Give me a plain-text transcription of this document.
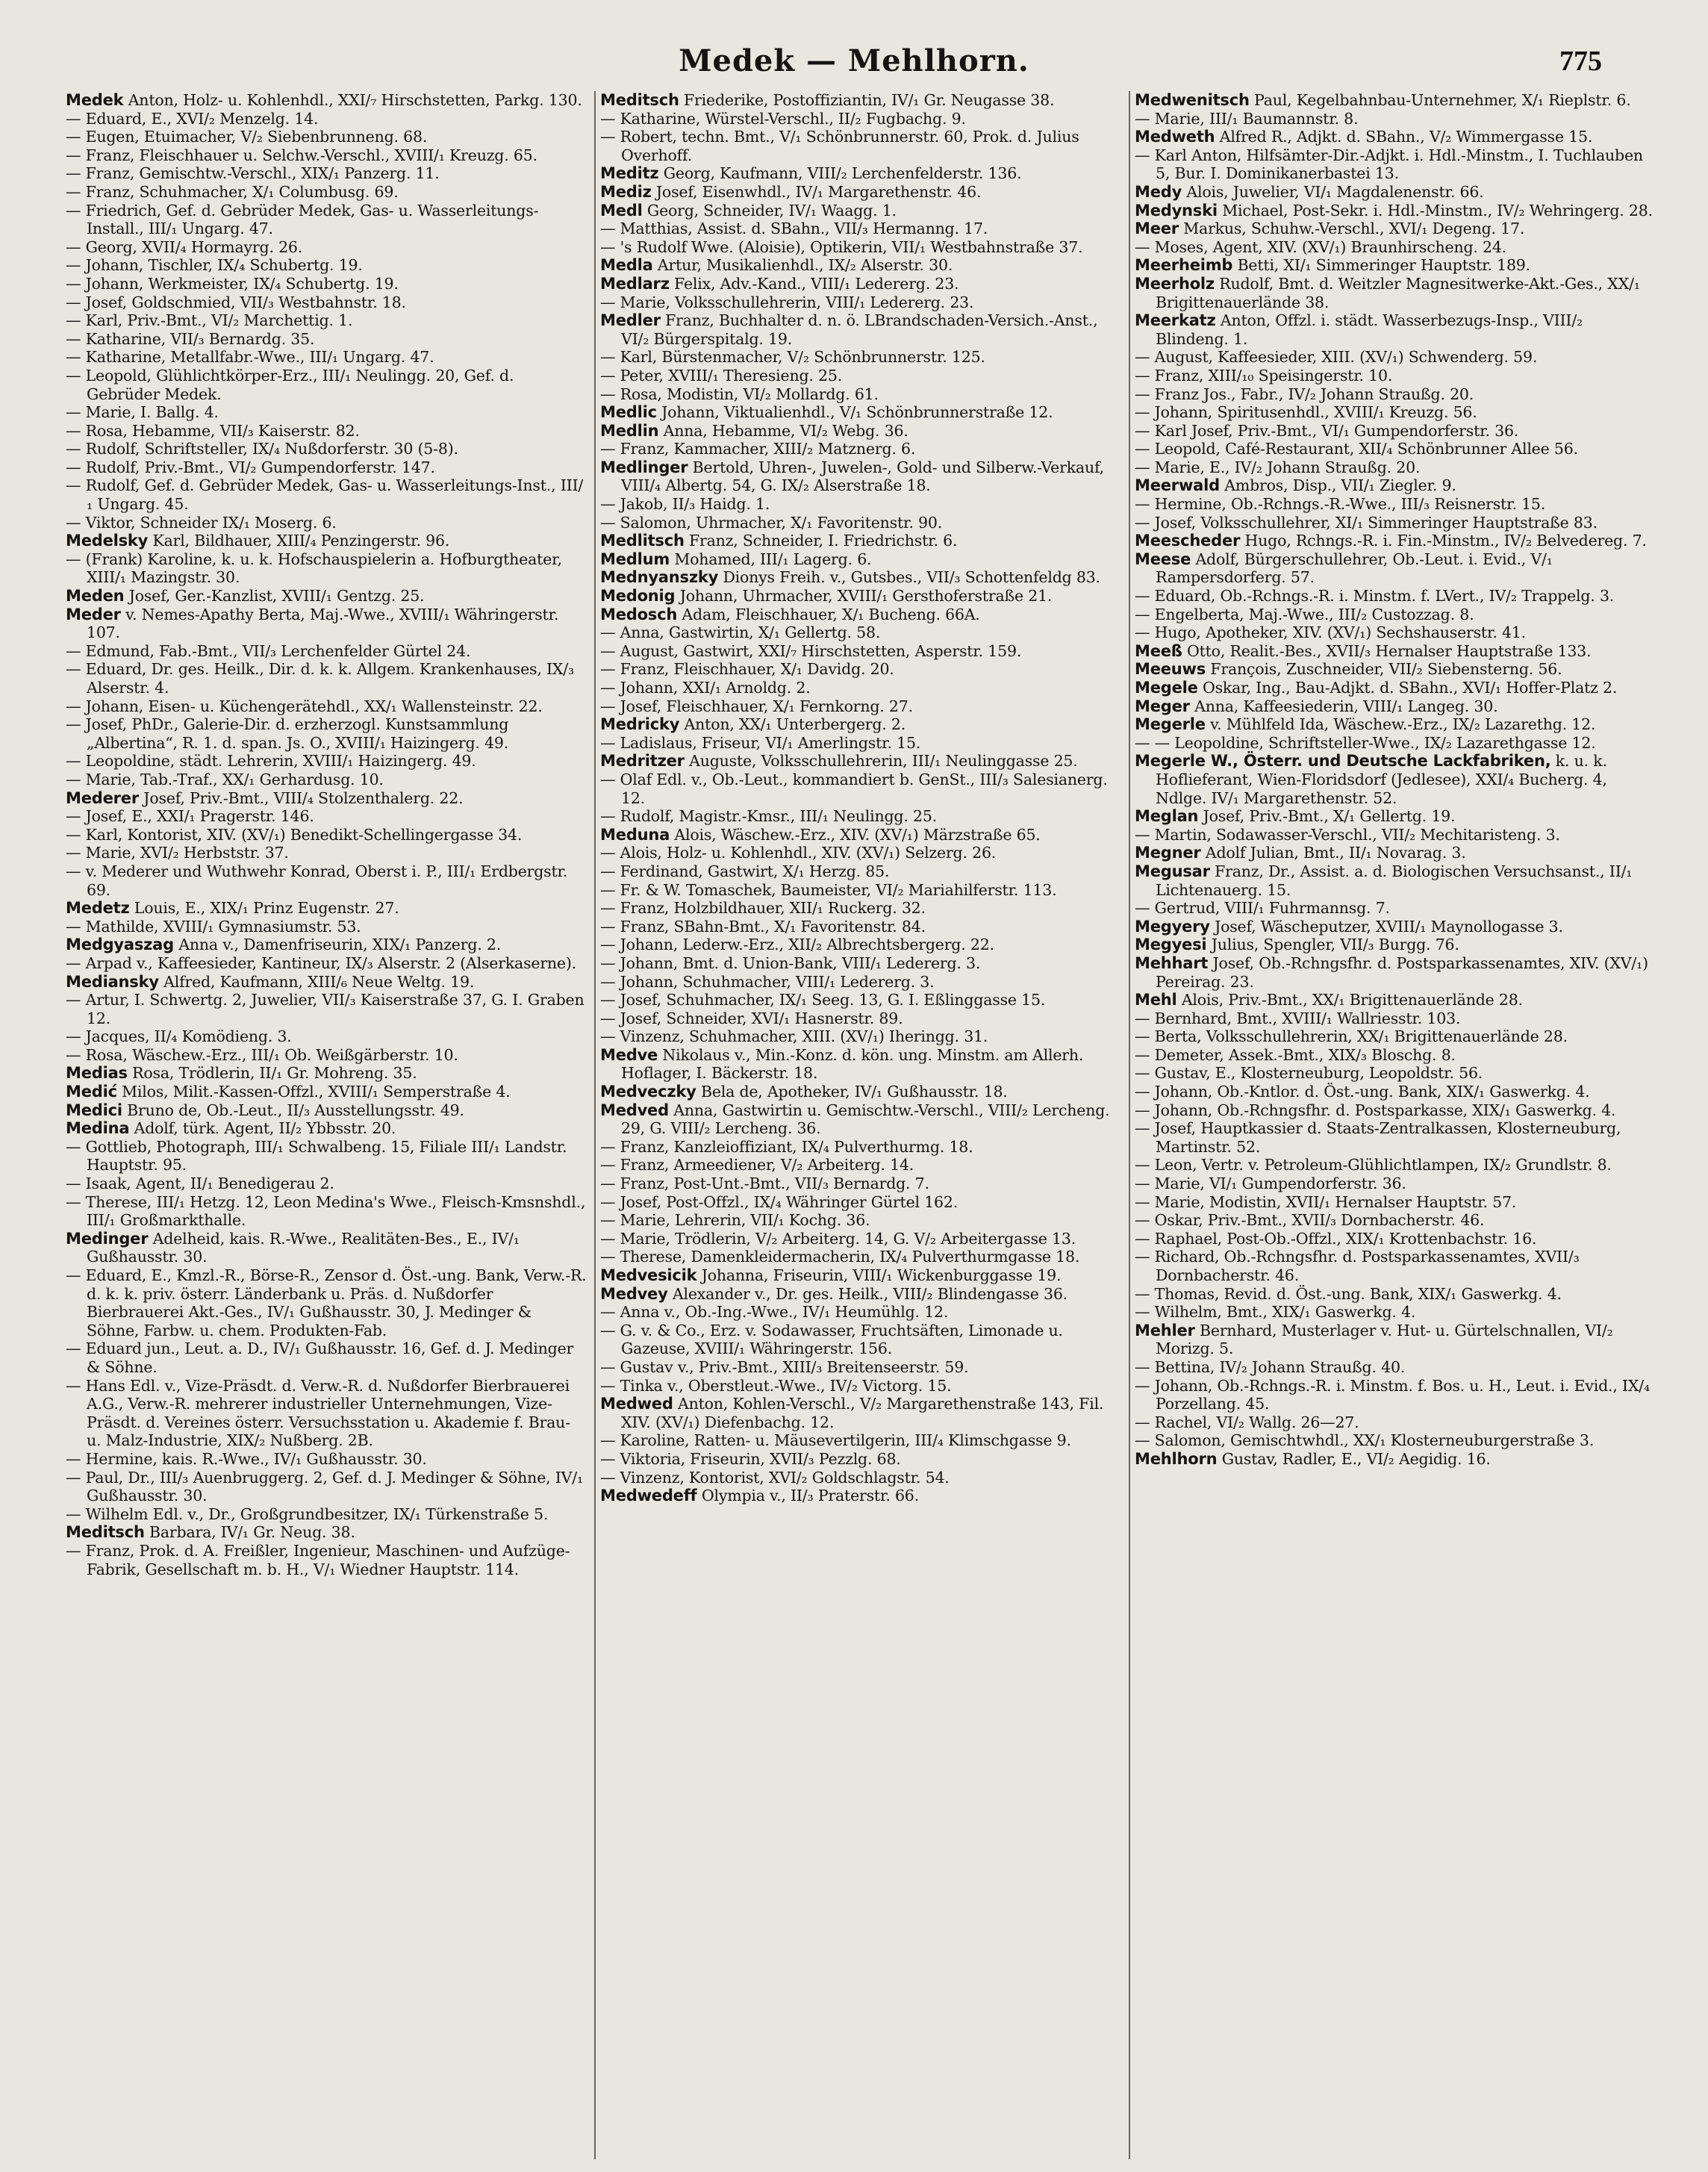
Medek — Mehlhorn.	775
Medek Anton, Holz- u. Kohlenhdl., XXI/₇ Hirschstetten, Parkg. 130.
— Eduard, E., XVI/₂ Menzelg. 14.
— Eugen, Etuimacher, V/₂ Siebenbrunneng. 68.
— Franz, Fleischhauer u. Selchw.-Verschl., XVIII/₁ Kreuzg. 65.
— Franz, Gemischtw.-Verschl., XIX/₁ Panzerg. 11.
— Franz, Schuhmacher, X/₁ Columbusg. 69.
— Friedrich, Gef. d. Gebrüder Medek, Gas- u. Wasserleitungs-Install., III/₁ Ungarg. 47.
— Georg, XVII/₄ Hormayrg. 26.
— Johann, Tischler, IX/₄ Schubertg. 19.
— Johann, Werkmeister, IX/₄ Schubertg. 19.
— Josef, Goldschmied, VII/₃ Westbahnstr. 18.
— Karl, Priv.-Bmt., VI/₂ Marchettig. 1.
— Katharine, VII/₃ Bernardg. 35.
— Katharine, Metallfabr.-Wwe., III/₁ Ungarg. 47.
— Leopold, Glühlichtkörper-Erz., III/₁ Neulingg. 20, Gef. d. Gebrüder Medek.
— Marie, I. Ballg. 4.
— Rosa, Hebamme, VII/₃ Kaiserstr. 82.
— Rudolf, Schriftsteller, IX/₄ Nußdorferstr. 30 (5-8).
— Rudolf, Priv.-Bmt., VI/₂ Gumpendorferstr. 147.
— Rudolf, Gef. d. Gebrüder Medek, Gas- u. Wasserleitungs-Inst., III/₁ Ungarg. 45.
— Viktor, Schneider IX/₁ Moserg. 6.
Medelsky Karl, Bildhauer, XIII/₄ Penzingerstr. 96.
— (Frank) Karoline, k. u. k. Hofschauspielerin a. Hofburgtheater, XIII/₁ Mazingstr. 30.
Meden Josef, Ger.-Kanzlist, XVIII/₁ Gentzg. 25.
Meder v. Nemes-Apathy Berta, Maj.-Wwe., XVIII/₁ Währingerstr. 107.
— Edmund, Fab.-Bmt., VII/₃ Lerchenfelder Gürtel 24.
— Eduard, Dr. ges. Heilk., Dir. d. k. k. Allgem. Krankenhauses, IX/₃ Alserstr. 4.
— Johann, Eisen- u. Küchengerätehdl., XX/₁ Wallensteinstr. 22.
— Josef, PhDr., Galerie-Dir. d. erzherzogl. Kunstsammlung „Albertina“, R. 1. d. span. Js. O., XVIII/₁ Haizingerg. 49.
— Leopoldine, städt. Lehrerin, XVIII/₁ Haizingerg. 49.
— Marie, Tab.-Traf., XX/₁ Gerhardusg. 10.
Mederer Josef, Priv.-Bmt., VIII/₄ Stolzenthalerg. 22.
— Josef, E., XXI/₁ Pragerstr. 146.
— Karl, Kontorist, XIV. (XV/₁) Benedikt-Schellingergasse 34.
— Marie, XVI/₂ Herbststr. 37.
— v. Mederer und Wuthwehr Konrad, Oberst i. P., III/₁ Erdbergstr. 69.
Medetz Louis, E., XIX/₁ Prinz Eugenstr. 27.
— Mathilde, XVIII/₁ Gymnasiumstr. 53.
Medgyaszag Anna v., Damenfriseurin, XIX/₁ Panzerg. 2.
— Arpad v., Kaffeesieder, Kantineur, IX/₃ Alserstr. 2 (Alserkaserne).
Mediansky Alfred, Kaufmann, XIII/₆ Neue Weltg. 19.
— Artur, I. Schwertg. 2, Juwelier, VII/₃ Kaiserstraße 37, G. I. Graben 12.
— Jacques, II/₄ Komödieng. 3.
— Rosa, Wäschew.-Erz., III/₁ Ob. Weißgärberstr. 10.
Medias Rosa, Trödlerin, II/₁ Gr. Mohreng. 35.
Medić Milos, Milit.-Kassen-Offzl., XVIII/₁ Semperstraße 4.
Medici Bruno de, Ob.-Leut., II/₃ Ausstellungsstr. 49.
Medina Adolf, türk. Agent, II/₂ Ybbsstr. 20.
— Gottlieb, Photograph, III/₁ Schwalbeng. 15, Filiale III/₁ Landstr. Hauptstr. 95.
— Isaak, Agent, II/₁ Benedigerau 2.
— Therese, III/₁ Hetzg. 12, Leon Medina's Wwe., Fleisch-Kmsnshdl., III/₁ Großmarkthalle.
Medinger Adelheid, kais. R.-Wwe., Realitäten-Bes., E., IV/₁ Gußhausstr. 30.
— Eduard, E., Kmzl.-R., Börse-R., Zensor d. Öst.-ung. Bank, Verw.-R. d. k. k. priv. österr. Länderbank u. Präs. d. Nußdorfer Bierbrauerei Akt.-Ges., IV/₁ Gußhausstr. 30, J. Medinger & Söhne, Farbw. u. chem. Produkten-Fab.
— Eduard jun., Leut. a. D., IV/₁ Gußhausstr. 16, Gef. d. J. Medinger & Söhne.
— Hans Edl. v., Vize-Präsdt. d. Verw.-R. d. Nußdorfer Bierbrauerei A.G., Verw.-R. mehrerer industrieller Unternehmungen, Vize-Präsdt. d. Vereines österr. Versuchsstation u. Akademie f. Brau- u. Malz-Industrie, XIX/₂ Nußberg. 2B.
— Hermine, kais. R.-Wwe., IV/₁ Gußhausstr. 30.
— Paul, Dr., III/₃ Auenbruggerg. 2, Gef. d. J. Medinger & Söhne, IV/₁ Gußhausstr. 30.
— Wilhelm Edl. v., Dr., Großgrundbesitzer, IX/₁ Türkenstraße 5.
Meditsch Barbara, IV/₁ Gr. Neug. 38.
— Franz, Prok. d. A. Freißler, Ingenieur, Maschinen- und Aufzüge-Fabrik, Gesellschaft m. b. H., V/₁ Wiedner Hauptstr. 114.
Meditsch Friederike, Postoffiziantin, IV/₁ Gr. Neugasse 38.
— Katharine, Würstel-Verschl., II/₂ Fugbachg. 9.
— Robert, techn. Bmt., V/₁ Schönbrunnerstr. 60, Prok. d. Julius Overhoff.
Meditz Georg, Kaufmann, VIII/₂ Lerchenfelderstr. 136.
Mediz Josef, Eisenwhdl., IV/₁ Margarethenstr. 46.
Medl Georg, Schneider, IV/₁ Waagg. 1.
— Matthias, Assist. d. SBahn., VII/₃ Hermanng. 17.
— 's Rudolf Wwe. (Aloisie), Optikerin, VII/₁ Westbahnstraße 37.
Medla Artur, Musikalienhdl., IX/₂ Alserstr. 30.
Medlarz Felix, Adv.-Kand., VIII/₁ Ledererg. 23.
— Marie, Volksschullehrerin, VIII/₁ Ledererg. 23.
Medler Franz, Buchhalter d. n. ö. LBrandschaden-Versich.-Anst., VI/₂ Bürgerspitalg. 19.
— Karl, Bürstenmacher, V/₂ Schönbrunnerstr. 125.
— Peter, XVIII/₁ Theresieng. 25.
— Rosa, Modistin, VI/₂ Mollardg. 61.
Medlic Johann, Viktualienhdl., V/₁ Schönbrunnerstraße 12.
Medlin Anna, Hebamme, VI/₂ Webg. 36.
— Franz, Kammacher, XIII/₂ Matznerg. 6.
Medlinger Bertold, Uhren-, Juwelen-, Gold- und Silberw.-Verkauf, VIII/₄ Albertg. 54, G. IX/₂ Alserstraße 18.
— Jakob, II/₃ Haidg. 1.
— Salomon, Uhrmacher, X/₁ Favoritenstr. 90.
Medlitsch Franz, Schneider, I. Friedrichstr. 6.
Medlum Mohamed, III/₁ Lagerg. 6.
Mednyanszky Dionys Freih. v., Gutsbes., VII/₃ Schottenfeldg 83.
Medonig Johann, Uhrmacher, XVIII/₁ Gersthoferstraße 21.
Medosch Adam, Fleischhauer, X/₁ Bucheng. 66A.
— Anna, Gastwirtin, X/₁ Gellertg. 58.
— August, Gastwirt, XXI/₇ Hirschstetten, Asperstr. 159.
— Franz, Fleischhauer, X/₁ Davidg. 20.
— Johann, XXI/₁ Arnoldg. 2.
— Josef, Fleischhauer, X/₁ Fernkorng. 27.
Medricky Anton, XX/₁ Unterbergerg. 2.
— Ladislaus, Friseur, VI/₁ Amerlingstr. 15.
Medritzer Auguste, Volksschullehrerin, III/₁ Neulinggasse 25.
— Olaf Edl. v., Ob.-Leut., kommandiert b. GenSt., III/₃ Salesianerg. 12.
— Rudolf, Magistr.-Kmsr., III/₁ Neulingg. 25.
Meduna Alois, Wäschew.-Erz., XIV. (XV/₁) Märzstraße 65.
— Alois, Holz- u. Kohlenhdl., XIV. (XV/₁) Selzerg. 26.
— Ferdinand, Gastwirt, X/₁ Herzg. 85.
— Fr. & W. Tomaschek, Baumeister, VI/₂ Mariahilferstr. 113.
— Franz, Holzbildhauer, XII/₁ Ruckerg. 32.
— Franz, SBahn-Bmt., X/₁ Favoritenstr. 84.
— Johann, Lederw.-Erz., XII/₂ Albrechtsbergerg. 22.
— Johann, Bmt. d. Union-Bank, VIII/₁ Ledererg. 3.
— Johann, Schuhmacher, VIII/₁ Ledererg. 3.
— Josef, Schuhmacher, IX/₁ Seeg. 13, G. I. Eßlinggasse 15.
— Josef, Schneider, XVI/₁ Hasnerstr. 89.
— Vinzenz, Schuhmacher, XIII. (XV/₁) Iheringg. 31.
Medve Nikolaus v., Min.-Konz. d. kön. ung. Minstm. am Allerh. Hoflager, I. Bäckerstr. 18.
Medveczky Bela de, Apotheker, IV/₁ Gußhausstr. 18.
Medved Anna, Gastwirtin u. Gemischtw.-Verschl., VIII/₂ Lercheng. 29, G. VIII/₂ Lercheng. 36.
— Franz, Kanzleioffiziant, IX/₄ Pulverthurmg. 18.
— Franz, Armeediener, V/₂ Arbeiterg. 14.
— Franz, Post-Unt.-Bmt., VII/₃ Bernardg. 7.
— Josef, Post-Offzl., IX/₄ Währinger Gürtel 162.
— Marie, Lehrerin, VII/₁ Kochg. 36.
— Marie, Trödlerin, V/₂ Arbeiterg. 14, G. V/₂ Arbeitergasse 13.
— Therese, Damenkleidermacherin, IX/₄ Pulverthurmgasse 18.
Medvesicik Johanna, Friseurin, VIII/₁ Wickenburggasse 19.
Medvey Alexander v., Dr. ges. Heilk., VIII/₂ Blindengasse 36.
— Anna v., Ob.-Ing.-Wwe., IV/₁ Heumühlg. 12.
— G. v. & Co., Erz. v. Sodawasser, Fruchtsäften, Limonade u. Gazeuse, XVIII/₁ Währingerstr. 156.
— Gustav v., Priv.-Bmt., XIII/₃ Breitenseerstr. 59.
— Tinka v., Oberstleut.-Wwe., IV/₂ Victorg. 15.
Medwed Anton, Kohlen-Verschl., V/₂ Margarethenstraße 143, Fil. XIV. (XV/₁) Diefenbachg. 12.
— Karoline, Ratten- u. Mäusevertilgerin, III/₄ Klimschgasse 9.
— Viktoria, Friseurin, XVII/₃ Pezzlg. 68.
— Vinzenz, Kontorist, XVI/₂ Goldschlagstr. 54.
Medwedeff Olympia v., II/₃ Praterstr. 66.
Medwenitsch Paul, Kegelbahnbau-Unternehmer, X/₁ Rieplstr. 6.
— Marie, III/₁ Baumannstr. 8.
Medweth Alfred R., Adjkt. d. SBahn., V/₂ Wimmergasse 15.
— Karl Anton, Hilfsämter-Dir.-Adjkt. i. Hdl.-Minstm., I. Tuchlauben 5, Bur. I. Dominikanerbastei 13.
Medy Alois, Juwelier, VI/₁ Magdalenenstr. 66.
Medynski Michael, Post-Sekr. i. Hdl.-Minstm., IV/₂ Wehringerg. 28.
Meer Markus, Schuhw.-Verschl., XVI/₁ Degeng. 17.
— Moses, Agent, XIV. (XV/₁) Braunhirscheng. 24.
Meerheimb Betti, XI/₁ Simmeringer Hauptstr. 189.
Meerholz Rudolf, Bmt. d. Weitzler Magnesitwerke-Akt.-Ges., XX/₁ Brigittenauerlände 38.
Meerkatz Anton, Offzl. i. städt. Wasserbezugs-Insp., VIII/₂ Blindeng. 1.
— August, Kaffeesieder, XIII. (XV/₁) Schwenderg. 59.
— Franz, XIII/₁₀ Speisingerstr. 10.
— Franz Jos., Fabr., IV/₂ Johann Straußg. 20.
— Johann, Spiritusenhdl., XVIII/₁ Kreuzg. 56.
— Karl Josef, Priv.-Bmt., VI/₁ Gumpendorferstr. 36.
— Leopold, Café-Restaurant, XII/₄ Schönbrunner Allee 56.
— Marie, E., IV/₂ Johann Straußg. 20.
Meerwald Ambros, Disp., VII/₁ Ziegler. 9.
— Hermine, Ob.-Rchngs.-R.-Wwe., III/₃ Reisnerstr. 15.
— Josef, Volksschullehrer, XI/₁ Simmeringer Hauptstraße 83.
Meescheder Hugo, Rchngs.-R. i. Fin.-Minstm., IV/₂ Belvedereg. 7.
Meese Adolf, Bürgerschullehrer, Ob.-Leut. i. Evid., V/₁ Rampersdorferg. 57.
— Eduard, Ob.-Rchngs.-R. i. Minstm. f. LVert., IV/₂ Trappelg. 3.
— Engelberta, Maj.-Wwe., III/₂ Custozzag. 8.
— Hugo, Apotheker, XIV. (XV/₁) Sechshauserstr. 41.
Meeß Otto, Realit.-Bes., XVII/₃ Hernalser Hauptstraße 133.
Meeuws François, Zuschneider, VII/₂ Siebensterng. 56.
Megele Oskar, Ing., Bau-Adjkt. d. SBahn., XVI/₁ Hoffer-Platz 2.
Meger Anna, Kaffeesiederin, VIII/₁ Langeg. 30.
Megerle v. Mühlfeld Ida, Wäschew.-Erz., IX/₂ Lazarethg. 12.
— — Leopoldine, Schriftsteller-Wwe., IX/₂ Lazarethgasse 12.
Megerle W., Österr. und Deutsche Lackfabriken, k. u. k. Hoflieferant, Wien-Floridsdorf (Jedlesee), XXI/₄ Bucherg. 4, Ndlge. IV/₁ Margarethenstr. 52.
Meglan Josef, Priv.-Bmt., X/₁ Gellertg. 19.
— Martin, Sodawasser-Verschl., VII/₂ Mechitaristeng. 3.
Megner Adolf Julian, Bmt., II/₁ Novarag. 3.
Megusar Franz, Dr., Assist. a. d. Biologischen Versuchsanst., II/₁ Lichtenauerg. 15.
— Gertrud, VIII/₁ Fuhrmannsg. 7.
Megyery Josef, Wäscheputzer, XVIII/₁ Maynollogasse 3.
Megyesi Julius, Spengler, VII/₃ Burgg. 76.
Mehhart Josef, Ob.-Rchngsfhr. d. Postsparkassenamtes, XIV. (XV/₁) Pereirag. 23.
Mehl Alois, Priv.-Bmt., XX/₁ Brigittenauerlände 28.
— Bernhard, Bmt., XVIII/₁ Wallriesstr. 103.
— Berta, Volksschullehrerin, XX/₁ Brigittenauerlände 28.
— Demeter, Assek.-Bmt., XIX/₃ Bloschg. 8.
— Gustav, E., Klosterneuburg, Leopoldstr. 56.
— Johann, Ob.-Kntlor. d. Öst.-ung. Bank, XIX/₁ Gaswerkg. 4.
— Johann, Ob.-Rchngsfhr. d. Postsparkasse, XIX/₁ Gaswerkg. 4.
— Josef, Hauptkassier d. Staats-Zentralkassen, Klosterneuburg, Martinstr. 52.
— Leon, Vertr. v. Petroleum-Glühlichtlampen, IX/₂ Grundlstr. 8.
— Marie, VI/₁ Gumpendorferstr. 36.
— Marie, Modistin, XVII/₁ Hernalser Hauptstr. 57.
— Oskar, Priv.-Bmt., XVII/₃ Dornbacherstr. 46.
— Raphael, Post-Ob.-Offzl., XIX/₁ Krottenbachstr. 16.
— Richard, Ob.-Rchngsfhr. d. Postsparkassenamtes, XVII/₃ Dornbacherstr. 46.
— Thomas, Revid. d. Öst.-ung. Bank, XIX/₁ Gaswerkg. 4.
— Wilhelm, Bmt., XIX/₁ Gaswerkg. 4.
Mehler Bernhard, Musterlager v. Hut- u. Gürtelschnallen, VI/₂ Morizg. 5.
— Bettina, IV/₂ Johann Straußg. 40.
— Johann, Ob.-Rchngs.-R. i. Minstm. f. Bos. u. H., Leut. i. Evid., IX/₄ Porzellang. 45.
— Rachel, VI/₂ Wallg. 26—27.
— Salomon, Gemischtwhdl., XX/₁ Klosterneuburgerstraße 3.
Mehlhorn Gustav, Radler, E., VI/₂ Aegidig. 16.
